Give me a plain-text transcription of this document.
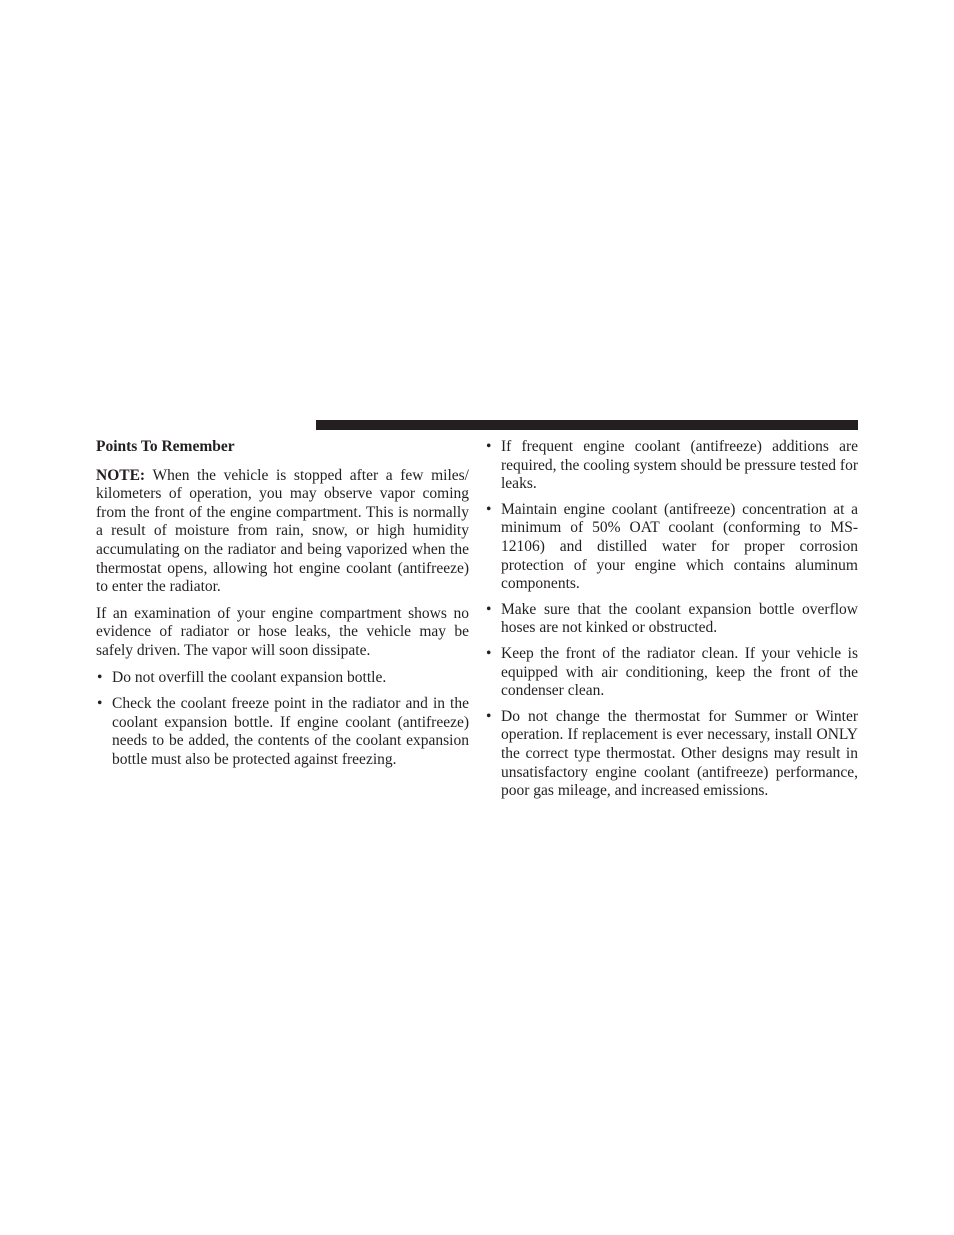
Points To Remember

NOTE: When the vehicle is stopped after a few miles/ kilometers of operation, you may observe vapor coming from the front of the engine compartment. This is normally a result of moisture from rain, snow, or high humidity accumulating on the radiator and being vaporized when the thermostat opens, allowing hot engine coolant (antifreeze) to enter the radiator.

If an examination of your engine compartment shows no evidence of radiator or hose leaks, the vehicle may be safely driven. The vapor will soon dissipate.

• Do not overfill the coolant expansion bottle.
• Check the coolant freeze point in the radiator and in the coolant expansion bottle. If engine coolant (antifreeze) needs to be added, the contents of the coolant expansion bottle must also be protected against freezing.
• If frequent engine coolant (antifreeze) additions are required, the cooling system should be pressure tested for leaks.
• Maintain engine coolant (antifreeze) concentration at a minimum of 50% OAT coolant (conforming to MS-12106) and distilled water for proper corrosion protection of your engine which contains aluminum components.
• Make sure that the coolant expansion bottle overflow hoses are not kinked or obstructed.
• Keep the front of the radiator clean. If your vehicle is equipped with air conditioning, keep the front of the condenser clean.
• Do not change the thermostat for Summer or Winter operation. If replacement is ever necessary, install ONLY the correct type thermostat. Other designs may result in unsatisfactory engine coolant (antifreeze) performance, poor gas mileage, and increased emissions.
